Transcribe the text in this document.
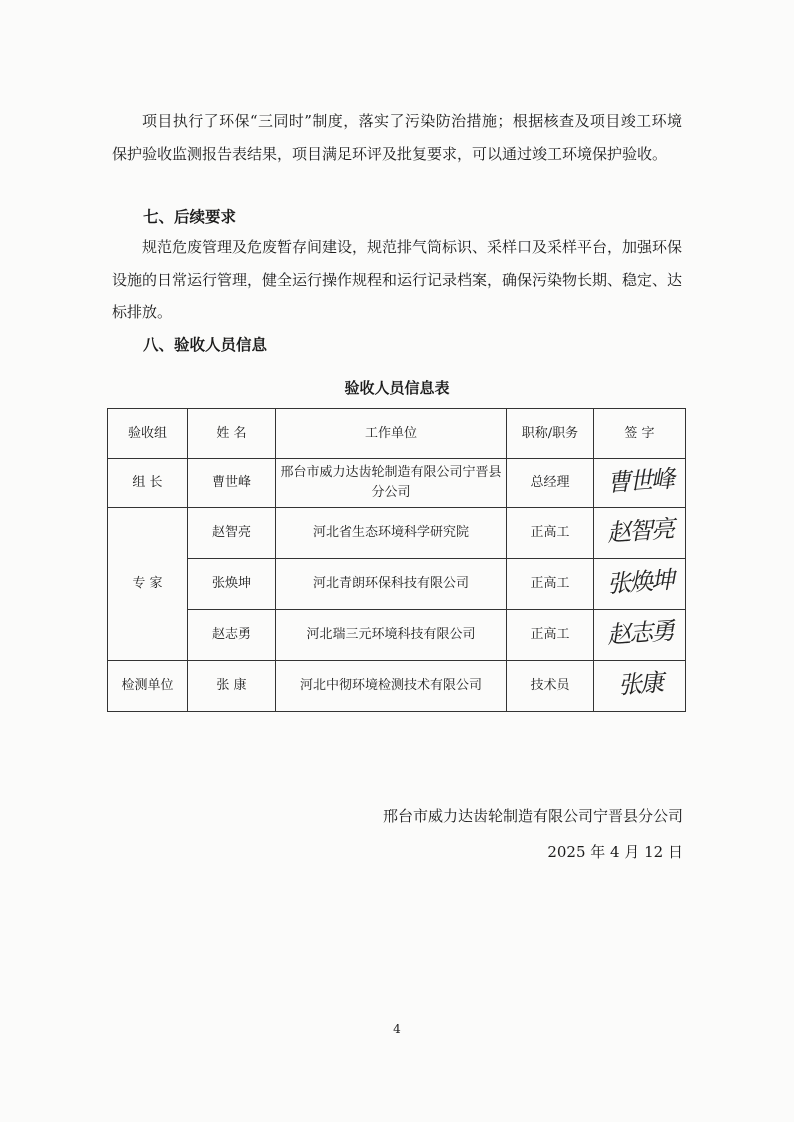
项目执行了环保“三同时”制度，落实了污染防治措施；根据核查及项目竣工环境保护验收监测报告表结果，项目满足环评及批复要求，可以通过竣工环境保护验收。

七、后续要求

规范危废管理及危废暂存间建设，规范排气筒标识、采样口及采样平台，加强环保设施的日常运行管理，健全运行操作规程和运行记录档案，确保污染物长期、稳定、达标排放。

八、验收人员信息

验收人员信息表

验收组	姓 名	工作单位	职称/职务	签 字
组 长	曹世峰	邢台市威力达齿轮制造有限公司宁晋县分公司	总经理	曹世峰
专 家	赵智亮	河北省生态环境科学研究院	正高工	赵智亮
	张焕坤	河北青朗环保科技有限公司	正高工	张焕坤
	赵志勇	河北瑞三元环境科技有限公司	正高工	赵志勇
检测单位	张 康	河北中彻环境检测技术有限公司	技术员	张康

邢台市威力达齿轮制造有限公司宁晋县分公司

2025 年 4 月 12 日

4
